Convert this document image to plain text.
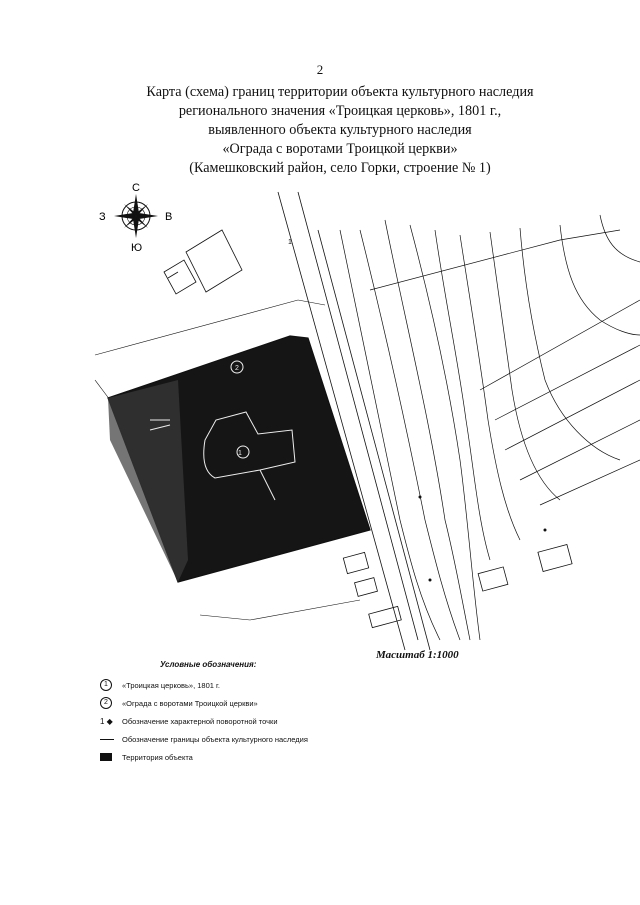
2
Карта (схема) границ территории объекта культурного наследия
регионального значения «Троицкая церковь», 1801 г.,
выявленного объекта культурного наследия
«Ограда с воротами Троицкой церкви»
(Камешковский район, село Горки, строение № 1)
С
Ю
З	В
1
2
1
Масштаб 1:1000
Условные обозначения:
1	«Троицкая церковь», 1801 г.
2	«Ограда с воротами Троицкой церкви»
1 ◆ Обозначение характерной поворотной точки
Обозначение границы объекта культурного наследия
Территория объекта
